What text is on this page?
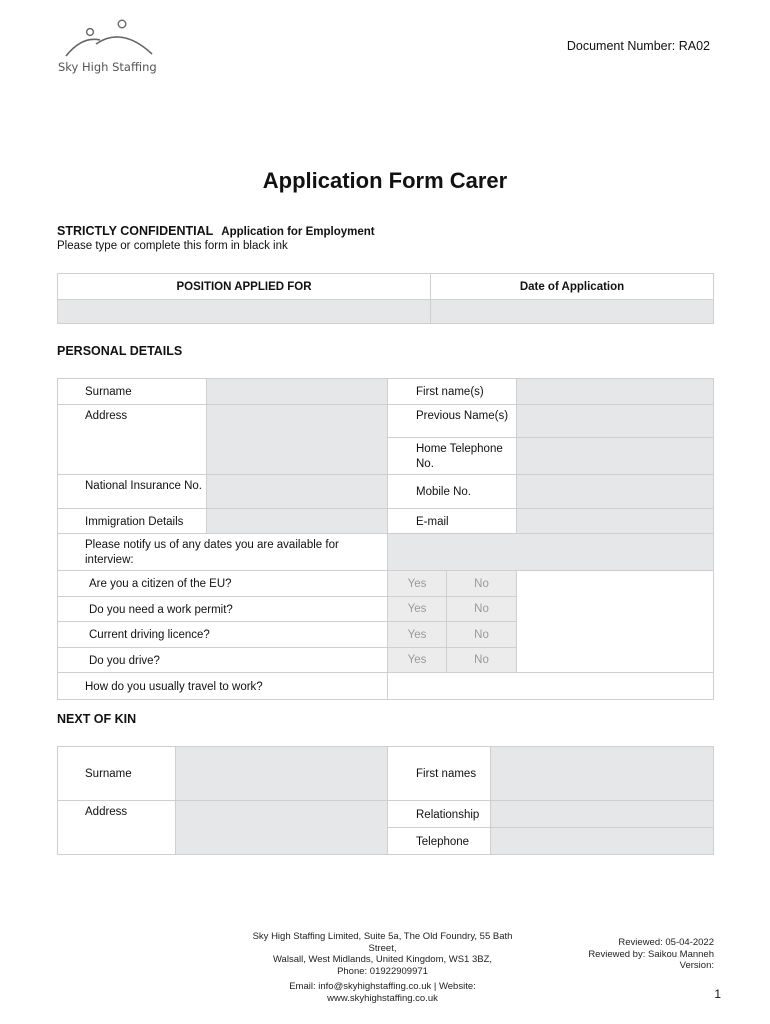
Sky High Staffing
Document Number: RA02
Application Form Carer
STRICTLY CONFIDENTIAL Application for Employment
Please type or complete this form in black ink
POSITION APPLIED FOR	Date of Application

PERSONAL DETAILS
Surname		First name(s)		
Address		Previous Name(s)		
		Home Telephone No.		
National Insurance No.		Mobile No.		
Immigration Details		E-mail		
Please notify us of any dates you are available for interview:				
Are you a citizen of the EU?		Yes	No	
Do you need a work permit?		Yes	No	
Current driving licence?		Yes	No	
Do you drive?		Yes	No	
How do you usually travel to work?				
NEXT OF KIN
Surname		First names	
Address		Relationship	
		Telephone	
Sky High Staffing Limited, Suite 5a, The Old Foundry, 55 Bath Street,
Walsall, West Midlands, United Kingdom, WS1 3BZ,
Phone: 01922909971
Email: info@skyhighstaffing.co.uk | Website:
www.skyhighstaffing.co.uk
Reviewed: 05-04-2022
Reviewed by: Saikou Manneh
Version:
1
